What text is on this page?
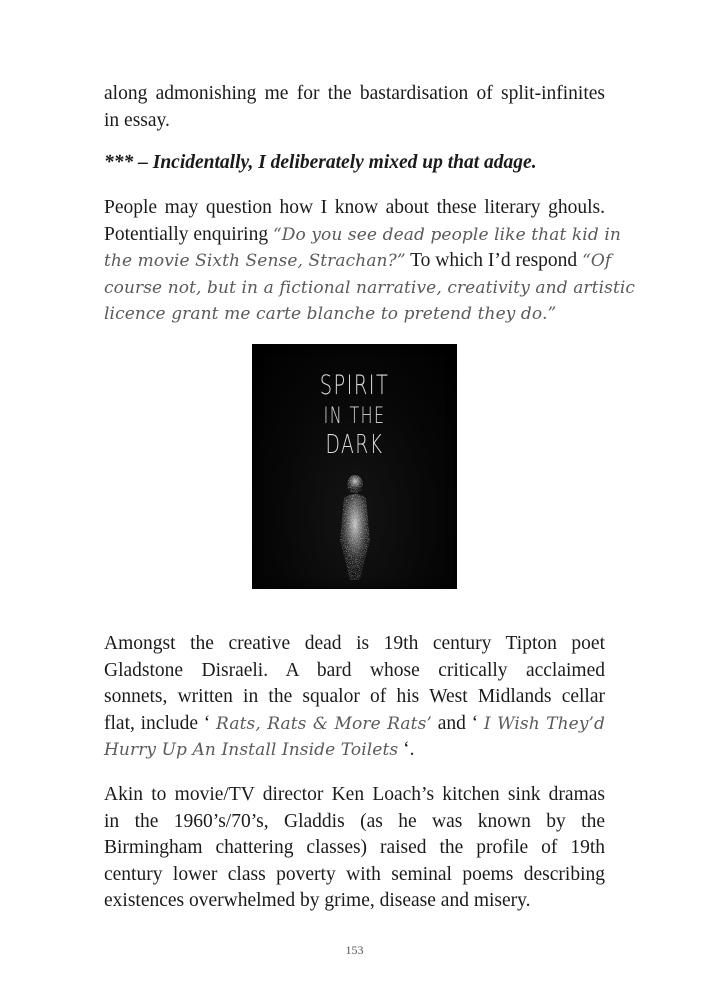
along admonishing me for the bastardisation of split-infinites
in essay.

*** – Incidentally, I deliberately mixed up that adage.

People may question how I know about these literary ghouls.
Potentially enquiring “Do you see dead people like that kid in
the movie Sixth Sense, Strachan?” To which I’d respond “Of
course not, but in a fictional narrative, creativity and artistic
licence grant me carte blanche to pretend they do.”

SPIRIT
IN THE
DARK

Amongst the creative dead is 19th century Tipton poet
Gladstone Disraeli. A bard whose critically acclaimed
sonnets, written in the squalor of his West Midlands cellar
flat, include ‘ Rats, Rats & More Rats’ and ‘ I Wish They’d
Hurry Up An Install Inside Toilets ‘.

Akin to movie/TV director Ken Loach’s kitchen sink dramas
in the 1960’s/70’s, Gladdis (as he was known by the
Birmingham chattering classes) raised the profile of 19th
century lower class poverty with seminal poems describing
existences overwhelmed by grime, disease and misery.

153
